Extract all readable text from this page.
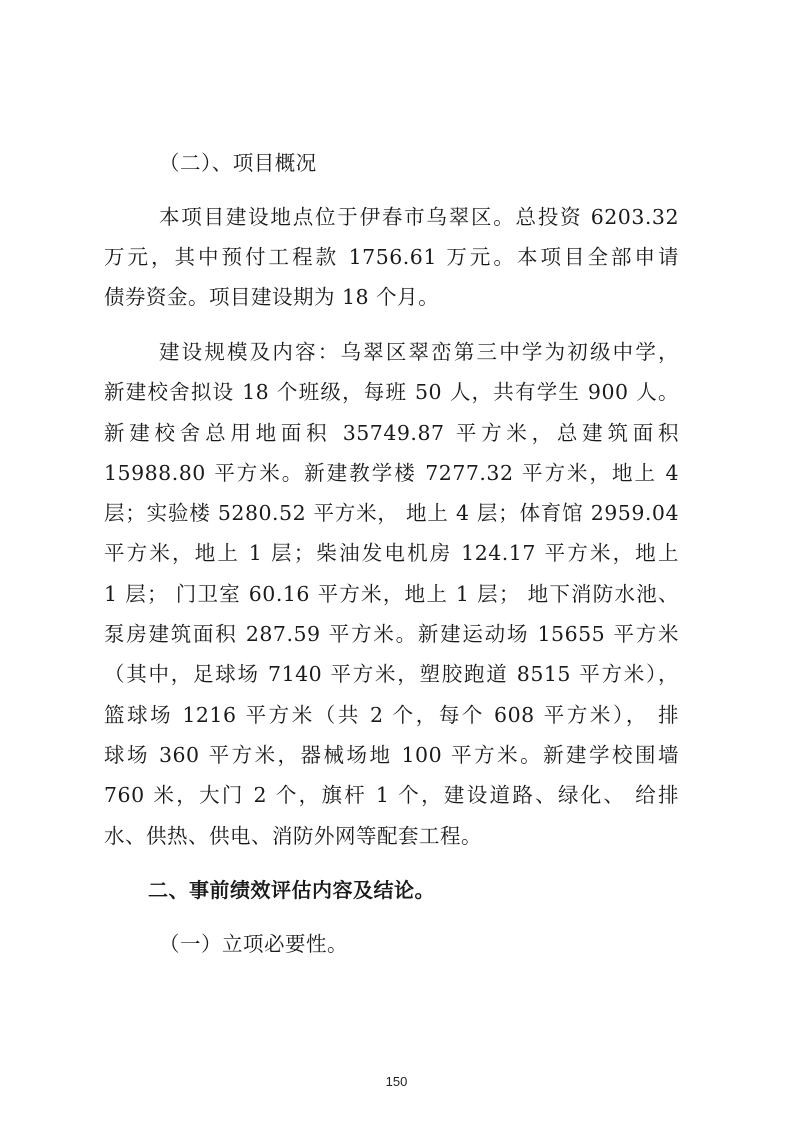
（二）、项目概况
本项目建设地点位于伊春市乌翠区。总投资 6203.32
万元，其中预付工程款 1756.61 万元。本项目全部申请
债券资金。项目建设期为 18 个月。
建设规模及内容：乌翠区翠峦第三中学为初级中学，
新建校舍拟设 18 个班级，每班 50 人，共有学生 900 人。
新建校舍总用地面积 35749.87 平方米，总建筑面积
15988.80 平方米。新建教学楼 7277.32 平方米，地上 4
层；实验楼 5280.52 平方米， 地上 4 层；体育馆 2959.04
平方米，地上 1 层；柴油发电机房 124.17 平方米，地上
1 层； 门卫室 60.16 平方米，地上 1 层； 地下消防水池、
泵房建筑面积 287.59 平方米。新建运动场 15655 平方米
（其中，足球场 7140 平方米，塑胶跑道 8515 平方米），
篮球场 1216 平方米（共 2 个，每个 608 平方米）， 排
球场 360 平方米，器械场地 100 平方米。新建学校围墙
760 米，大门 2 个，旗杆 1 个，建设道路、绿化、 给排
水、供热、供电、消防外网等配套工程。
二、事前绩效评估内容及结论。
（一）立项必要性。
150
